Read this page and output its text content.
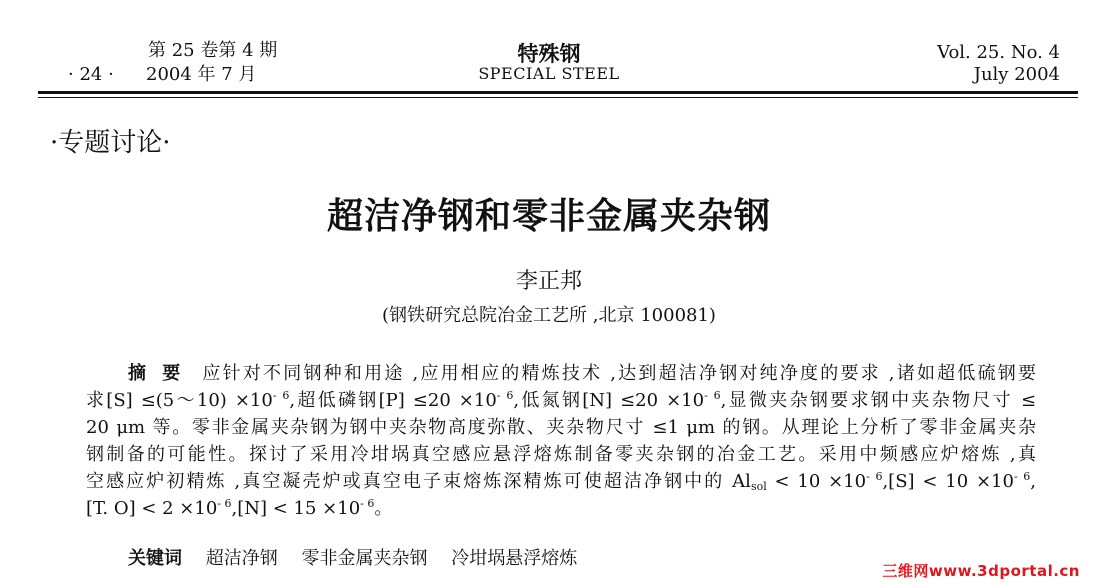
第 25 卷第 4 期
· 24 · 2004 年 7 月
特殊钢
SPECIAL STEEL
Vol. 25. No. 4
July 2004
·专题讨论·
超洁净钢和零非金属夹杂钢
李正邦
(钢铁研究总院冶金工艺所 ,北京 100081)
摘要 应针对不同钢种和用途 ,应用相应的精炼技术 ,达到超洁净钢对纯净度的要求 ,诸如超低硫钢要
求[S] ≤(5～10) $\times 10^{- 6}$,超低磷钢$[P] \le 20 \times 10^{- 6}$,低氮钢$[N] \le 20 \times 10^{- 6}$,显微夹杂钢要求钢中夹杂物尺寸 ≤
20 μm 等。零非金属夹杂钢为钢中夹杂物高度弥散、夹杂物尺寸 ≤1 μm 的钢。从理论上分析了零非金属夹杂
钢制备的可能性。探讨了采用冷坩埚真空感应悬浮熔炼制备零夹杂钢的冶金工艺。采用中频感应炉熔炼 ,真
空感应炉初精炼 ,真空凝壳炉或真空电子束熔炼深精炼可使超洁净钢中的 $Al_{sol} < 10 \times 10^{- 6},[S] < 10 \times 10^{- 6}$,
[T. $O] < 2 \times 10^{- 6},[N] < 15 \times 10^{- 6}$。
关键词 超洁净钢 零非金属夹杂钢 冷坩埚悬浮熔炼
三维网www.3dportal.cn
